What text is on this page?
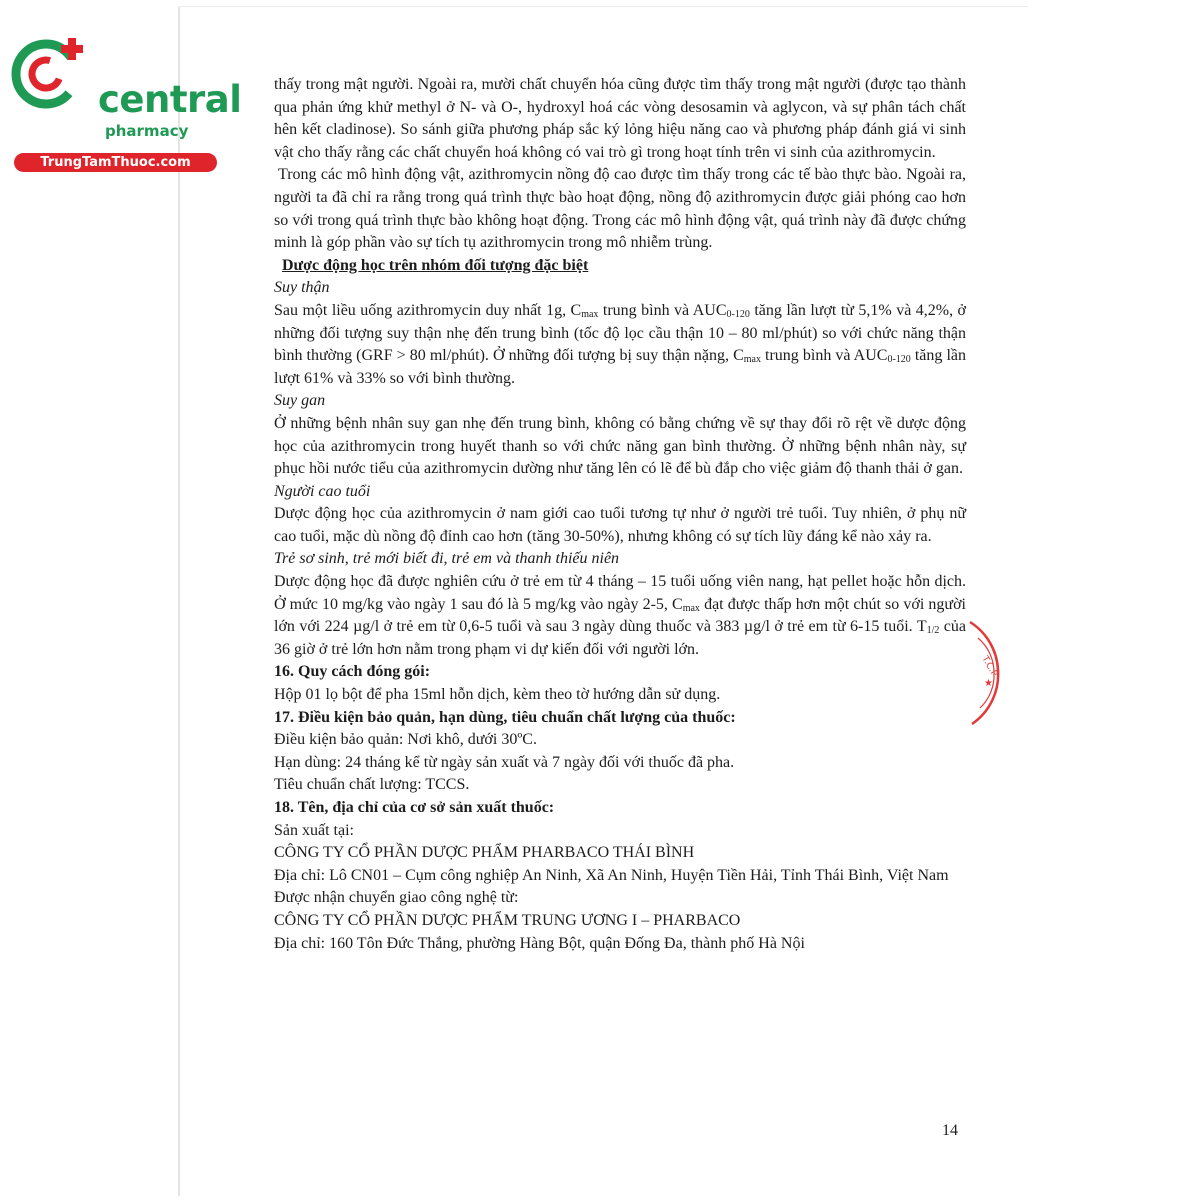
central
pharmacy
TrungTamThuoc.com

thấy trong mật người. Ngoài ra, mười chất chuyển hóa cũng được tìm thấy trong mật người (được tạo thành qua phản ứng khử methyl ở N- và O-, hydroxyl hoá các vòng desosamin và aglycon, và sự phân tách chất hên kết cladinose). So sánh giữa phương pháp sắc ký lỏng hiệu năng cao và phương pháp đánh giá vi sinh vật cho thấy rằng các chất chuyển hoá không có vai trò gì trong hoạt tính trên vi sinh của azithromycin.

Trong các mô hình động vật, azithromycin nồng độ cao được tìm thấy trong các tế bào thực bào. Ngoài ra, người ta đã chỉ ra rằng trong quá trình thực bào hoạt động, nồng độ azithromycin được giải phóng cao hơn so với trong quá trình thực bào không hoạt động. Trong các mô hình động vật, quá trình này đã được chứng minh là góp phần vào sự tích tụ azithromycin trong mô nhiễm trùng.

Dược động học trên nhóm đối tượng đặc biệt

Suy thận

Sau một liều uống azithromycin duy nhất 1g, $C_{max}$ trung bình và $AUC_{0-120}$ tăng lần lượt từ 5,1% và 4,2%, ở những đối tượng suy thận nhẹ đến trung bình (tốc độ lọc cầu thận 10 – 80 ml/phút) so với chức năng thận bình thường (GRF > 80 ml/phút). Ở những đối tượng bị suy thận nặng, $C_{max}$ trung bình và $AUC_{0-120}$ tăng lần lượt 61% và 33% so với bình thường.

Suy gan

Ở những bệnh nhân suy gan nhẹ đến trung bình, không có bằng chứng về sự thay đổi rõ rệt về dược động học của azithromycin trong huyết thanh so với chức năng gan bình thường. Ở những bệnh nhân này, sự phục hồi nước tiểu của azithromycin dường như tăng lên có lẽ để bù đắp cho việc giảm độ thanh thải ở gan.

Người cao tuổi

Dược động học của azithromycin ở nam giới cao tuổi tương tự như ở người trẻ tuổi. Tuy nhiên, ở phụ nữ cao tuổi, mặc dù nồng độ đỉnh cao hơn (tăng 30-50%), nhưng không có sự tích lũy đáng kể nào xảy ra.

Trẻ sơ sinh, trẻ mới biết đi, trẻ em và thanh thiếu niên

Dược động học đã được nghiên cứu ở trẻ em từ 4 tháng – 15 tuổi uống viên nang, hạt pellet hoặc hỗn dịch. Ở mức 10 mg/kg vào ngày 1 sau đó là 5 mg/kg vào ngày 2-5, $C_{max}$ đạt được thấp hơn một chút so với người lớn với 224 µg/l ở trẻ em từ 0,6-5 tuổi và sau 3 ngày dùng thuốc và 383 µg/l ở trẻ em từ 6-15 tuổi. $T_{1/2}$ của 36 giờ ở trẻ lớn hơn nằm trong phạm vi dự kiến đối với người lớn.

16. Quy cách đóng gói:

Hộp 01 lọ bột để pha 15ml hỗn dịch, kèm theo tờ hướng dẫn sử dụng.

17. Điều kiện bảo quản, hạn dùng, tiêu chuẩn chất lượng của thuốc:

Điều kiện bảo quản: Nơi khô, dưới 30ºC.

Hạn dùng: 24 tháng kể từ ngày sản xuất và 7 ngày đối với thuốc đã pha.

Tiêu chuẩn chất lượng: TCCS.

18. Tên, địa chỉ của cơ sở sản xuất thuốc:

Sản xuất tại:

CÔNG TY CỔ PHẦN DƯỢC PHẨM PHARBACO THÁI BÌNH

Địa chỉ: Lô CN01 – Cụm công nghiệp An Ninh, Xã An Ninh, Huyện Tiền Hải, Tỉnh Thái Bình, Việt Nam

Được nhận chuyển giao công nghệ từ:

CÔNG TY CỔ PHẦN DƯỢC PHẨM TRUNG ƯƠNG I – PHARBACO

Địa chỉ: 160 Tôn Đức Thắng, phường Hàng Bột, quận Đống Đa, thành phố Hà Nội

14
T.C.P
★
